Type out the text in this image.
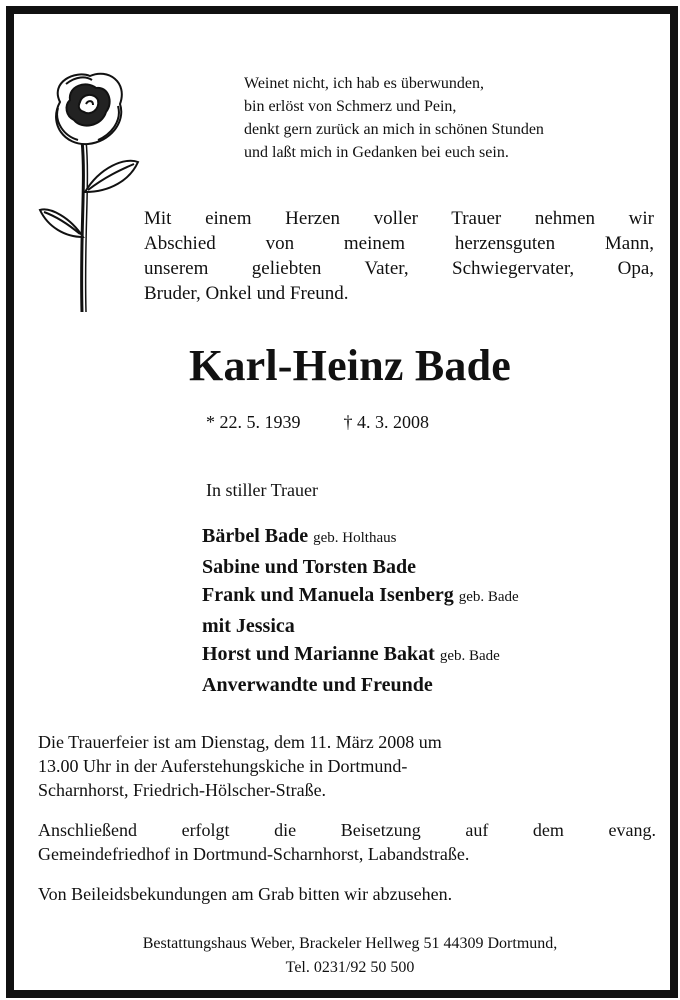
Weinet nicht, ich hab es überwunden,
bin erlöst von Schmerz und Pein,
denkt gern zurück an mich in schönen Stunden
und laßt mich in Gedanken bei euch sein.
Mit einem Herzen voller Trauer nehmen wir
Abschied von meinem herzensguten Mann,
unserem geliebten Vater, Schwiegervater, Opa,
Bruder, Onkel und Freund.
Karl-Heinz Bade
* 22. 5. 1939 † 4. 3. 2008
In stiller Trauer
Bärbel Bade geb. Holthaus
Sabine und Torsten Bade
Frank und Manuela Isenberg geb. Bade
mit Jessica
Horst und Marianne Bakat geb. Bade
Anverwandte und Freunde
Die Trauerfeier ist am Dienstag, dem 11. März 2008 um
13.00 Uhr in der Auferstehungskiche in Dortmund-
Scharnhorst, Friedrich-Hölscher-Straße.
Anschließend erfolgt die Beisetzung auf dem evang.
Gemeindefriedhof in Dortmund-Scharnhorst, Labandstraße.
Von Beileidsbekundungen am Grab bitten wir abzusehen.
Bestattungshaus Weber, Brackeler Hellweg 51 44309 Dortmund,
Tel. 0231/92 50 500
